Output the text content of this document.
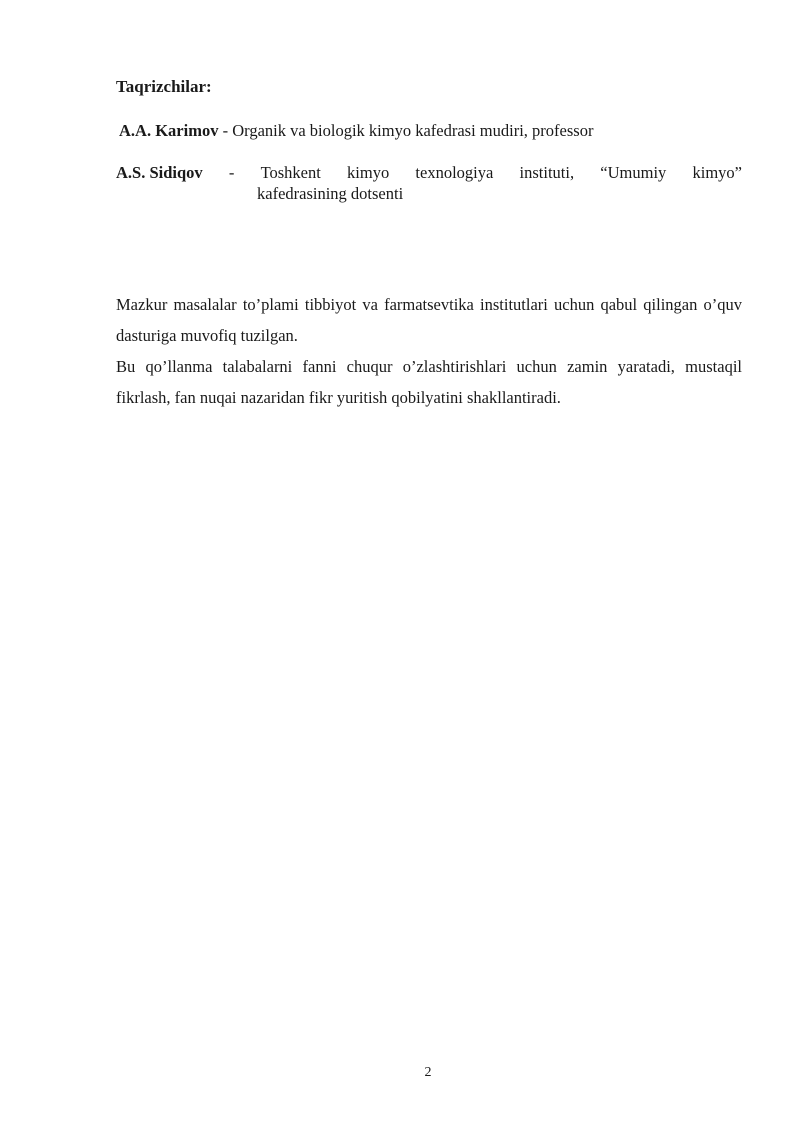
Taqrizchilar:
A.A. Karimov - Organik va biologik kimyo kafedrasi mudiri, professor
A.S. Sidiqov - Toshkent kimyo texnologiya instituti, “Umumiy kimyo”
kafedrasining dotsenti

Mazkur masalalar to’plami tibbiyot va farmatsevtika institutlari uchun qabul qilingan o’quv dasturiga muvofiq tuzilgan.

Bu qo’llanma talabalarni fanni chuqur o’zlashtirishlari uchun zamin yaratadi, mustaqil fikrlash, fan nuqai nazaridan fikr yuritish qobilyatini shakllantiradi.

2
